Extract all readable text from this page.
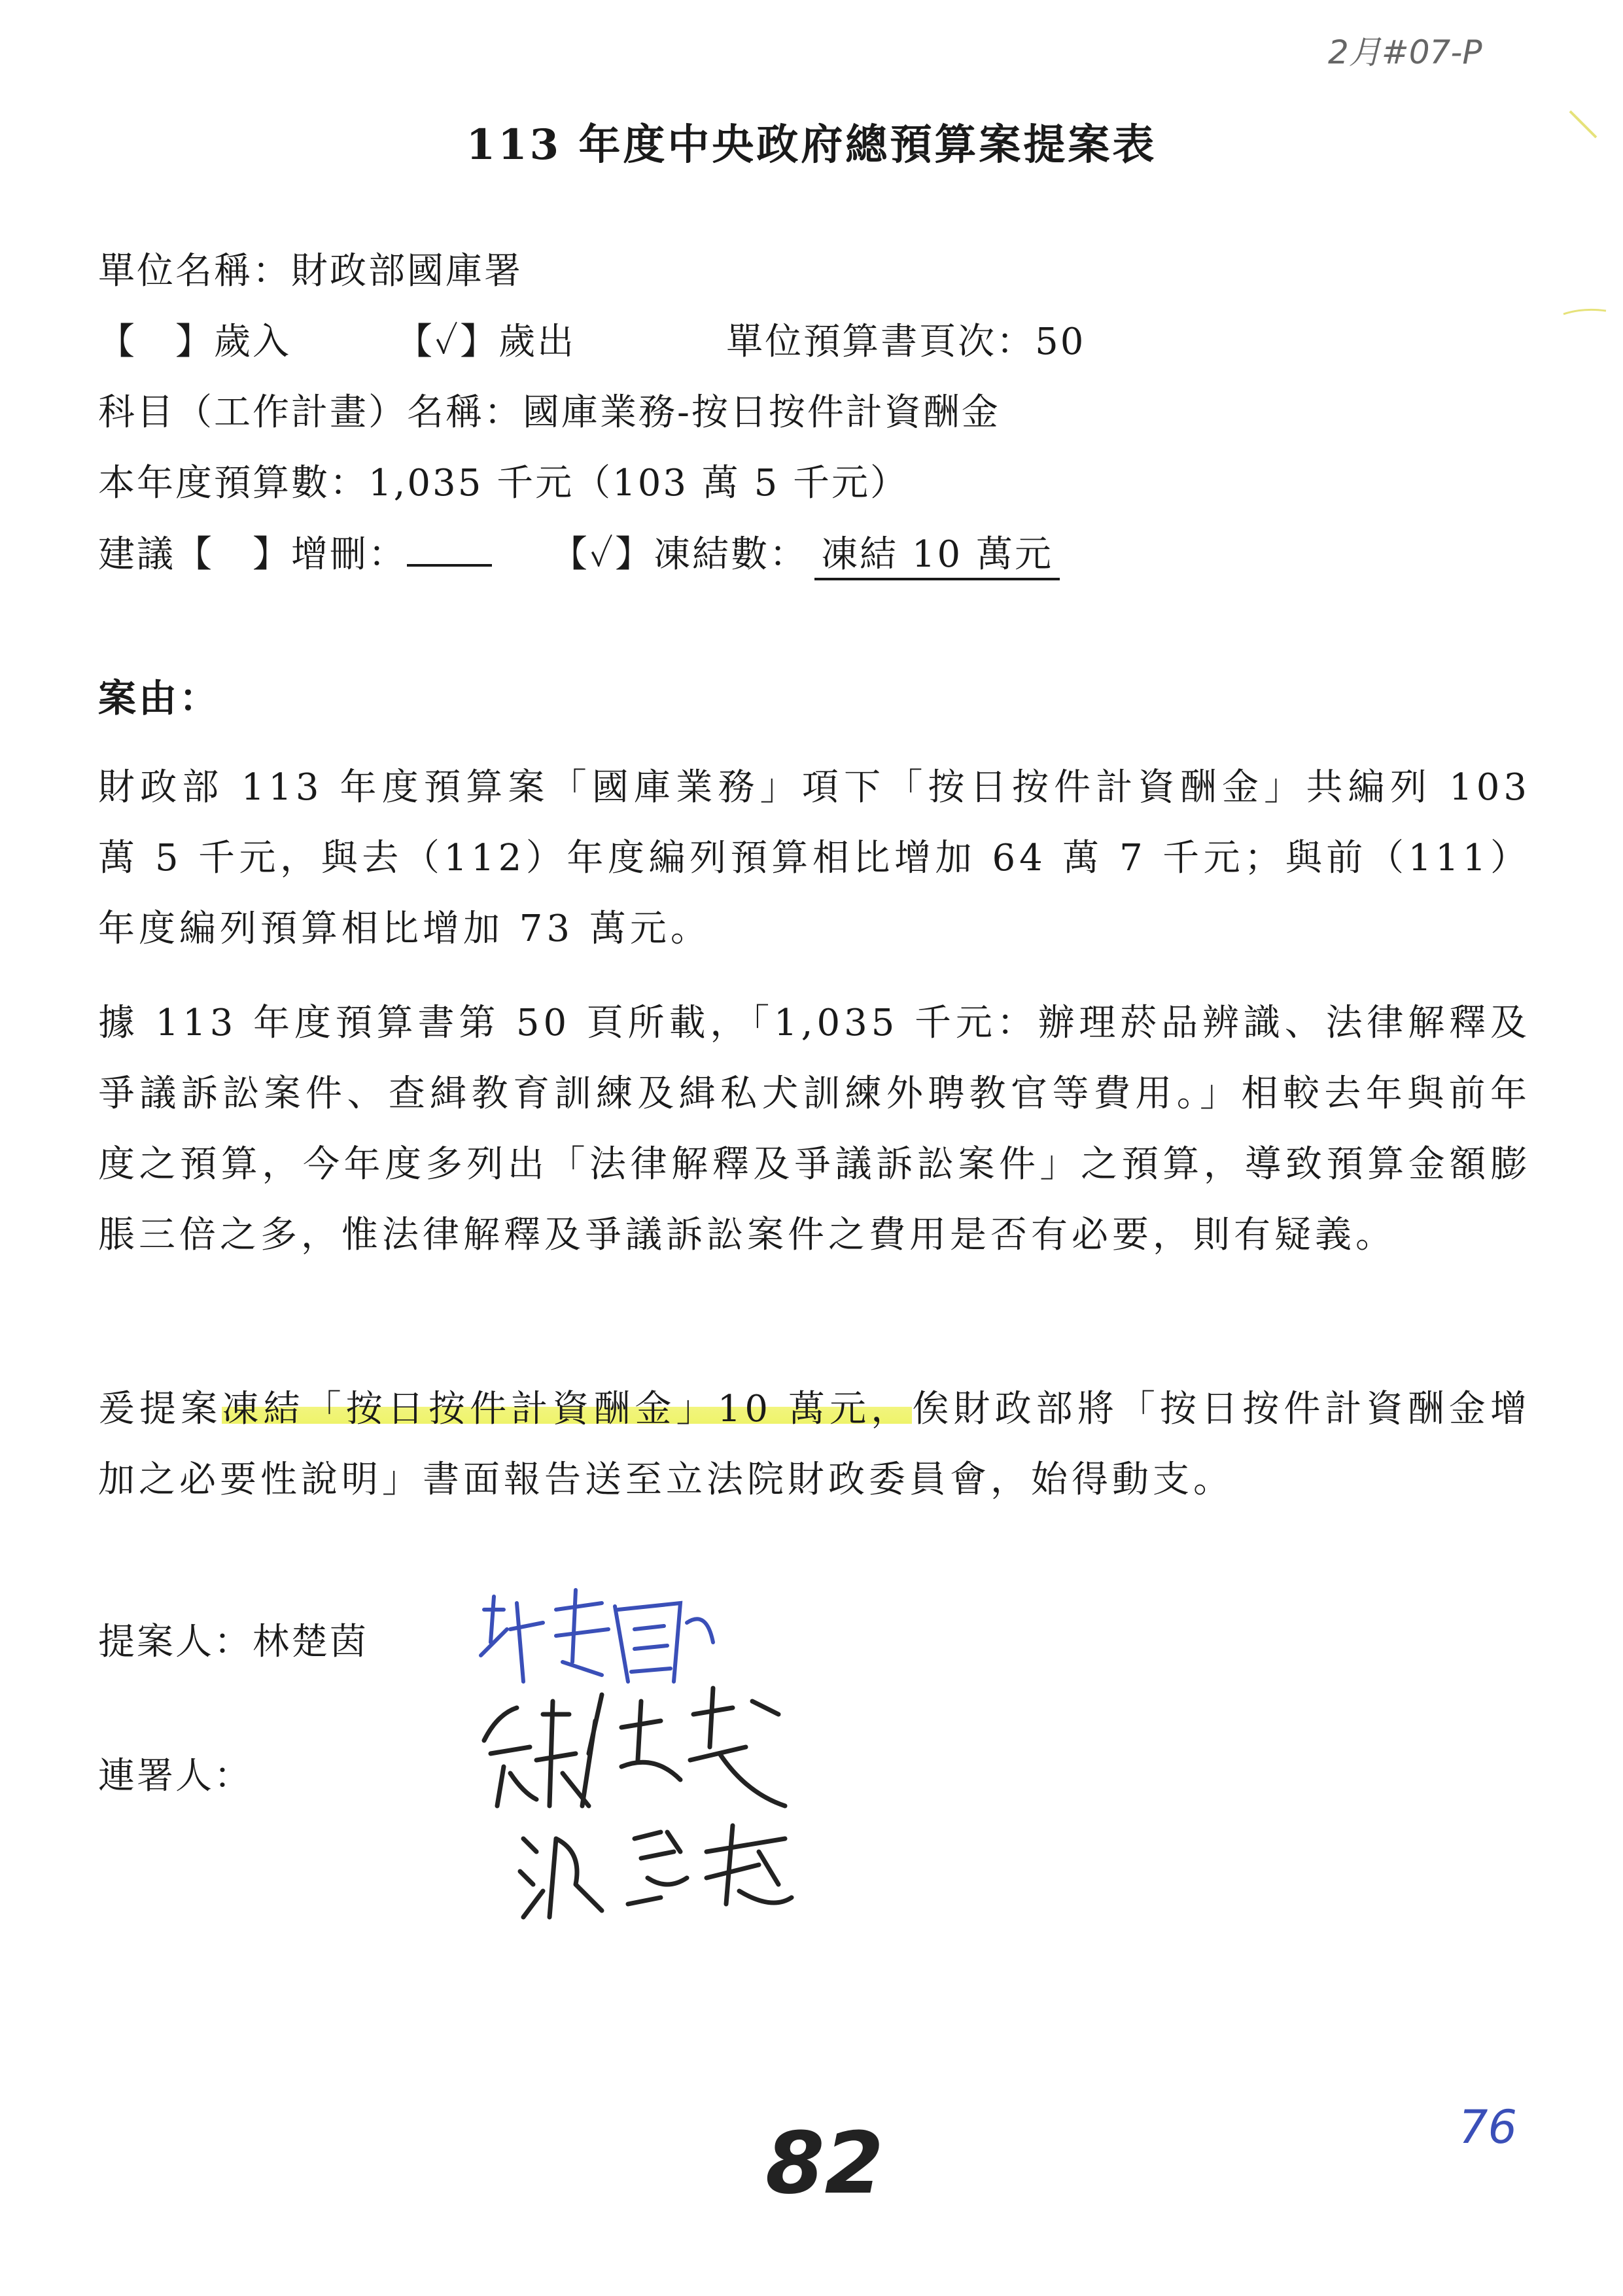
2月#07-P
113 年度中央政府總預算案提案表
單位名稱：財政部國庫署
【　】歲入	【✓】歲出	單位預算書頁次：50
科目（工作計畫）名稱：國庫業務-按日按件計資酬金
本年度預算數：1,035 千元（103 萬 5 千元）
建議【　】增刪：	【✓】凍結數： 凍結 10 萬元
案由：
財政部 113 年度預算案「國庫業務」項下「按日按件計資酬金」共編列 103 萬 5 千元，與去（112）年度編列預算相比增加 64 萬 7 千元；與前（111）年度編列預算相比增加 73 萬元。
據 113 年度預算書第 50 頁所載，「1,035 千元：辦理菸品辨識、法律解釋及爭議訴訟案件、查緝教育訓練及緝私犬訓練外聘教官等費用。」相較去年與前年度之預算，今年度多列出「法律解釋及爭議訴訟案件」之預算，導致預算金額膨脹三倍之多，惟法律解釋及爭議訴訟案件之費用是否有必要，則有疑義。
爰提案凍結「按日按件計資酬金」10 萬元，俟財政部將「按日按件計資酬金增加之必要性說明」書面報告送至立法院財政委員會，始得動支。
提案人：林楚茵
連署人：
82	76
